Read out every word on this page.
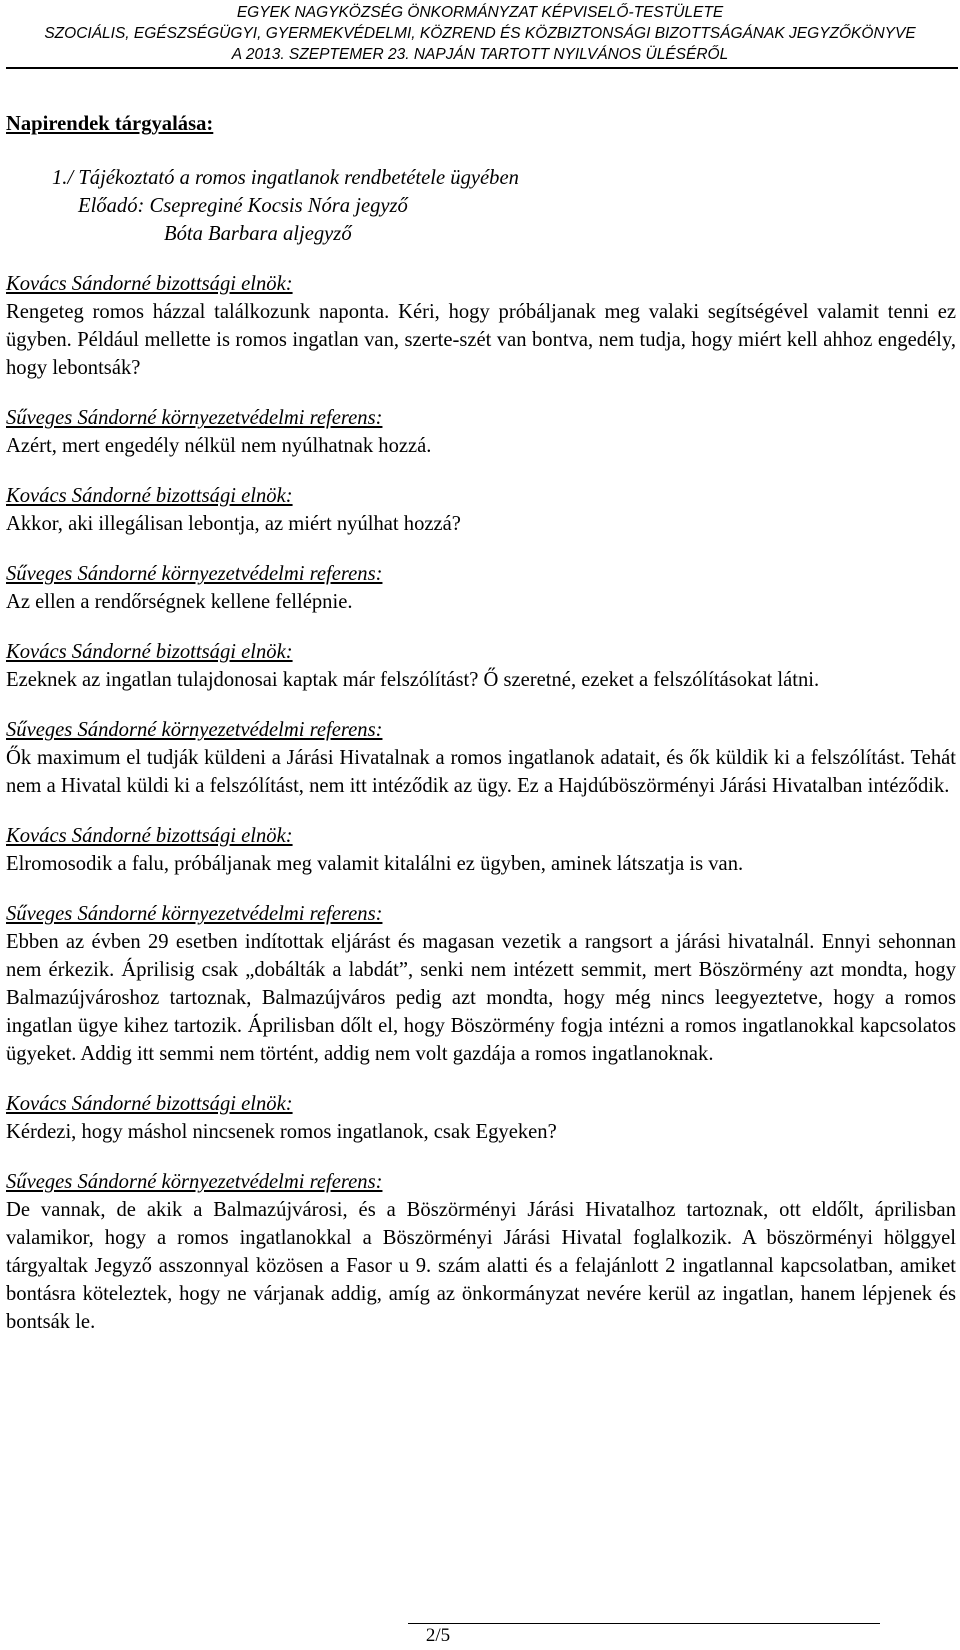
EGYEK NAGYKÖZSÉG ÖNKORMÁNYZAT KÉPVISELŐ-TESTÜLETE
SZOCIÁLIS, EGÉSZSÉGÜGYI, GYERMEKVÉDELMI, KÖZREND ÉS KÖZBIZTONSÁGI BIZOTTSÁGÁNAK JEGYZŐKÖNYVE
A 2013. SZEPTEMER 23. NAPJÁN TARTOTT NYILVÁNOS ÜLÉSÉRŐL
Napirendek tárgyalása:
1./ Tájékoztató a romos ingatlanok rendbetétele ügyében
Előadó: Csepreginé Kocsis Nóra jegyző
Bóta Barbara aljegyző
Kovács Sándorné bizottsági elnök:
Rengeteg romos házzal találkozunk naponta. Kéri, hogy próbáljanak meg valaki segítségével valamit tenni ez ügyben. Például mellette is romos ingatlan van, szerte-szét van bontva, nem tudja, hogy miért kell ahhoz engedély, hogy lebontsák?
Sűveges Sándorné környezetvédelmi referens:
Azért, mert engedély nélkül nem nyúlhatnak hozzá.
Kovács Sándorné bizottsági elnök:
Akkor, aki illegálisan lebontja, az miért nyúlhat hozzá?
Sűveges Sándorné környezetvédelmi referens:
Az ellen a rendőrségnek kellene fellépnie.
Kovács Sándorné bizottsági elnök:
Ezeknek az ingatlan tulajdonosai kaptak már felszólítást? Ő szeretné, ezeket a felszólításokat látni.
Sűveges Sándorné környezetvédelmi referens:
Ők maximum el tudják küldeni a Járási Hivatalnak a romos ingatlanok adatait, és ők küldik ki a felszólítást. Tehát nem a Hivatal küldi ki a felszólítást, nem itt intéződik az ügy. Ez a Hajdúböszörményi Járási Hivatalban intéződik.
Kovács Sándorné bizottsági elnök:
Elromosodik a falu, próbáljanak meg valamit kitalálni ez ügyben, aminek látszatja is van.
Sűveges Sándorné környezetvédelmi referens:
Ebben az évben 29 esetben indítottak eljárást és magasan vezetik a rangsort a járási hivatalnál. Ennyi sehonnan nem érkezik. Áprilisig csak „dobálták a labdát”, senki nem intézett semmit, mert Böszörmény azt mondta, hogy Balmazújvároshoz tartoznak, Balmazújváros pedig azt mondta, hogy még nincs leegyeztetve, hogy a romos ingatlan ügye kihez tartozik. Áprilisban dőlt el, hogy Böszörmény fogja intézni a romos ingatlanokkal kapcsolatos ügyeket. Addig itt semmi nem történt, addig nem volt gazdája a romos ingatlanoknak.
Kovács Sándorné bizottsági elnök:
Kérdezi, hogy máshol nincsenek romos ingatlanok, csak Egyeken?
Sűveges Sándorné környezetvédelmi referens:
De vannak, de akik a Balmazújvárosi, és a Böszörményi Járási Hivatalhoz tartoznak, ott eldőlt, áprilisban valamikor, hogy a romos ingatlanokkal a Böszörményi Járási Hivatal foglalkozik. A böszörményi hölggyel tárgyaltak Jegyző asszonnyal közösen a Fasor u 9. szám alatti és a felajánlott 2 ingatlannal kapcsolatban, amiket bontásra köteleztek, hogy ne várjanak addig, amíg az önkormányzat nevére kerül az ingatlan, hanem lépjenek és bontsák le.
2/5
